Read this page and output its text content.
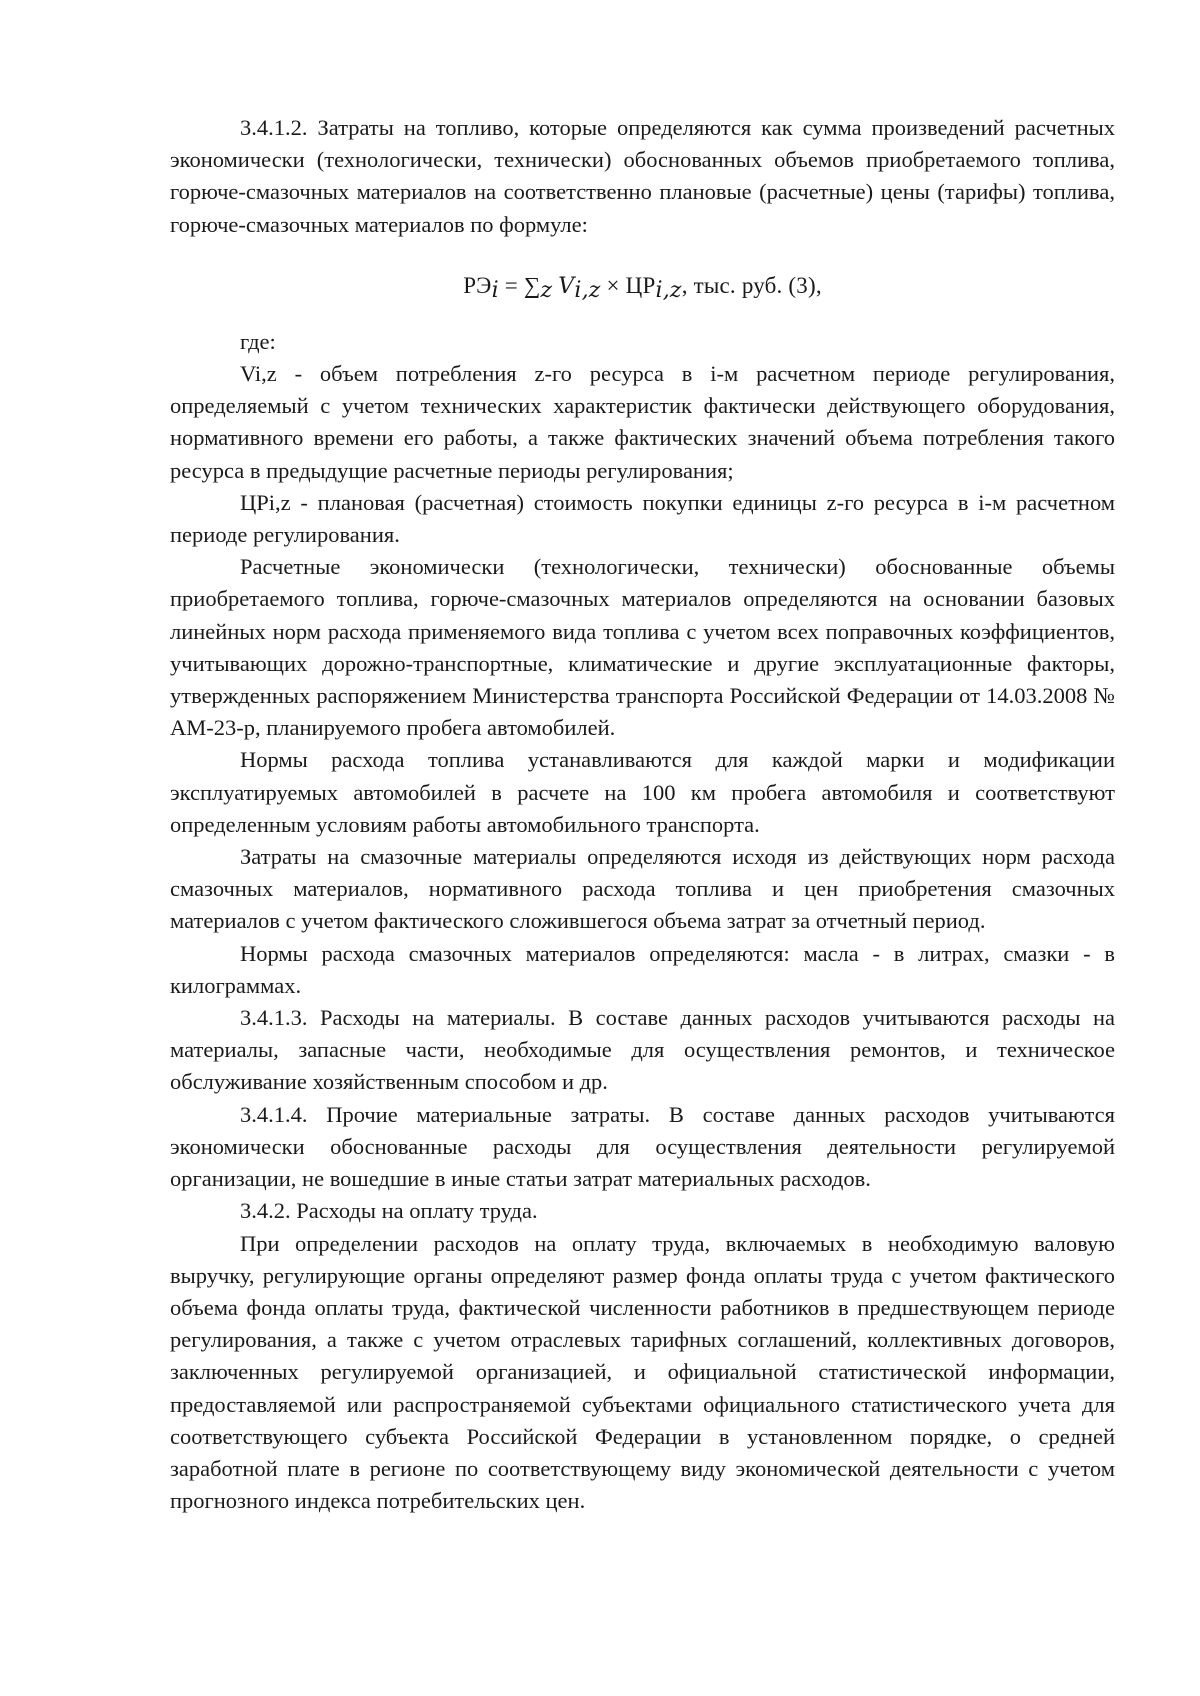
3.4.1.2. Затраты на топливо, которые определяются как сумма произведений расчетных экономически (технологически, технически) обоснованных объемов приобретаемого топлива, горюче-смазочных материалов на соответственно плановые (расчетные) цены (тарифы) топлива, горюче-смазочных материалов по формуле:

$РЭ_i = \sum_z$ $V_{i,z} \times ЦР_{i,z}$, тыс. руб. (3),

где:

Vi,z - объем потребления z-го ресурса в i-м расчетном периоде регулирования, определяемый с учетом технических характеристик фактически действующего оборудования, нормативного времени его работы, а также фактических значений объема потребления такого ресурса в предыдущие расчетные периоды регулирования;

ЦРi,z - плановая (расчетная) стоимость покупки единицы z-го ресурса в i-м расчетном периоде регулирования.

Расчетные экономически (технологически, технически) обоснованные объемы приобретаемого топлива, горюче-смазочных материалов определяются на основании базовых линейных норм расхода применяемого вида топлива с учетом всех поправочных коэффициентов, учитывающих дорожно-транспортные, климатические и другие эксплуатационные факторы, утвержденных распоряжением Министерства транспорта Российской Федерации от 14.03.2008 № АМ-23-р, планируемого пробега автомобилей.

Нормы расхода топлива устанавливаются для каждой марки и модификации эксплуатируемых автомобилей в расчете на 100 км пробега автомобиля и соответствуют определенным условиям работы автомобильного транспорта.

Затраты на смазочные материалы определяются исходя из действующих норм расхода смазочных материалов, нормативного расхода топлива и цен приобретения смазочных материалов с учетом фактического сложившегося объема затрат за отчетный период.

Нормы расхода смазочных материалов определяются: масла - в литрах, смазки - в килограммах.

3.4.1.3. Расходы на материалы. В составе данных расходов учитываются расходы на материалы, запасные части, необходимые для осуществления ремонтов, и техническое обслуживание хозяйственным способом и др.

3.4.1.4. Прочие материальные затраты. В составе данных расходов учитываются экономически обоснованные расходы для осуществления деятельности регулируемой организации, не вошедшие в иные статьи затрат материальных расходов.

3.4.2. Расходы на оплату труда.

При определении расходов на оплату труда, включаемых в необходимую валовую выручку, регулирующие органы определяют размер фонда оплаты труда с учетом фактического объема фонда оплаты труда, фактической численности работников в предшествующем периоде регулирования, а также с учетом отраслевых тарифных соглашений, коллективных договоров, заключенных регулируемой организацией, и официальной статистической информации, предоставляемой или распространяемой субъектами официального статистического учета для соответствующего субъекта Российской Федерации в установленном порядке, о средней заработной плате в регионе по соответствующему виду экономической деятельности с учетом прогнозного индекса потребительских цен.
